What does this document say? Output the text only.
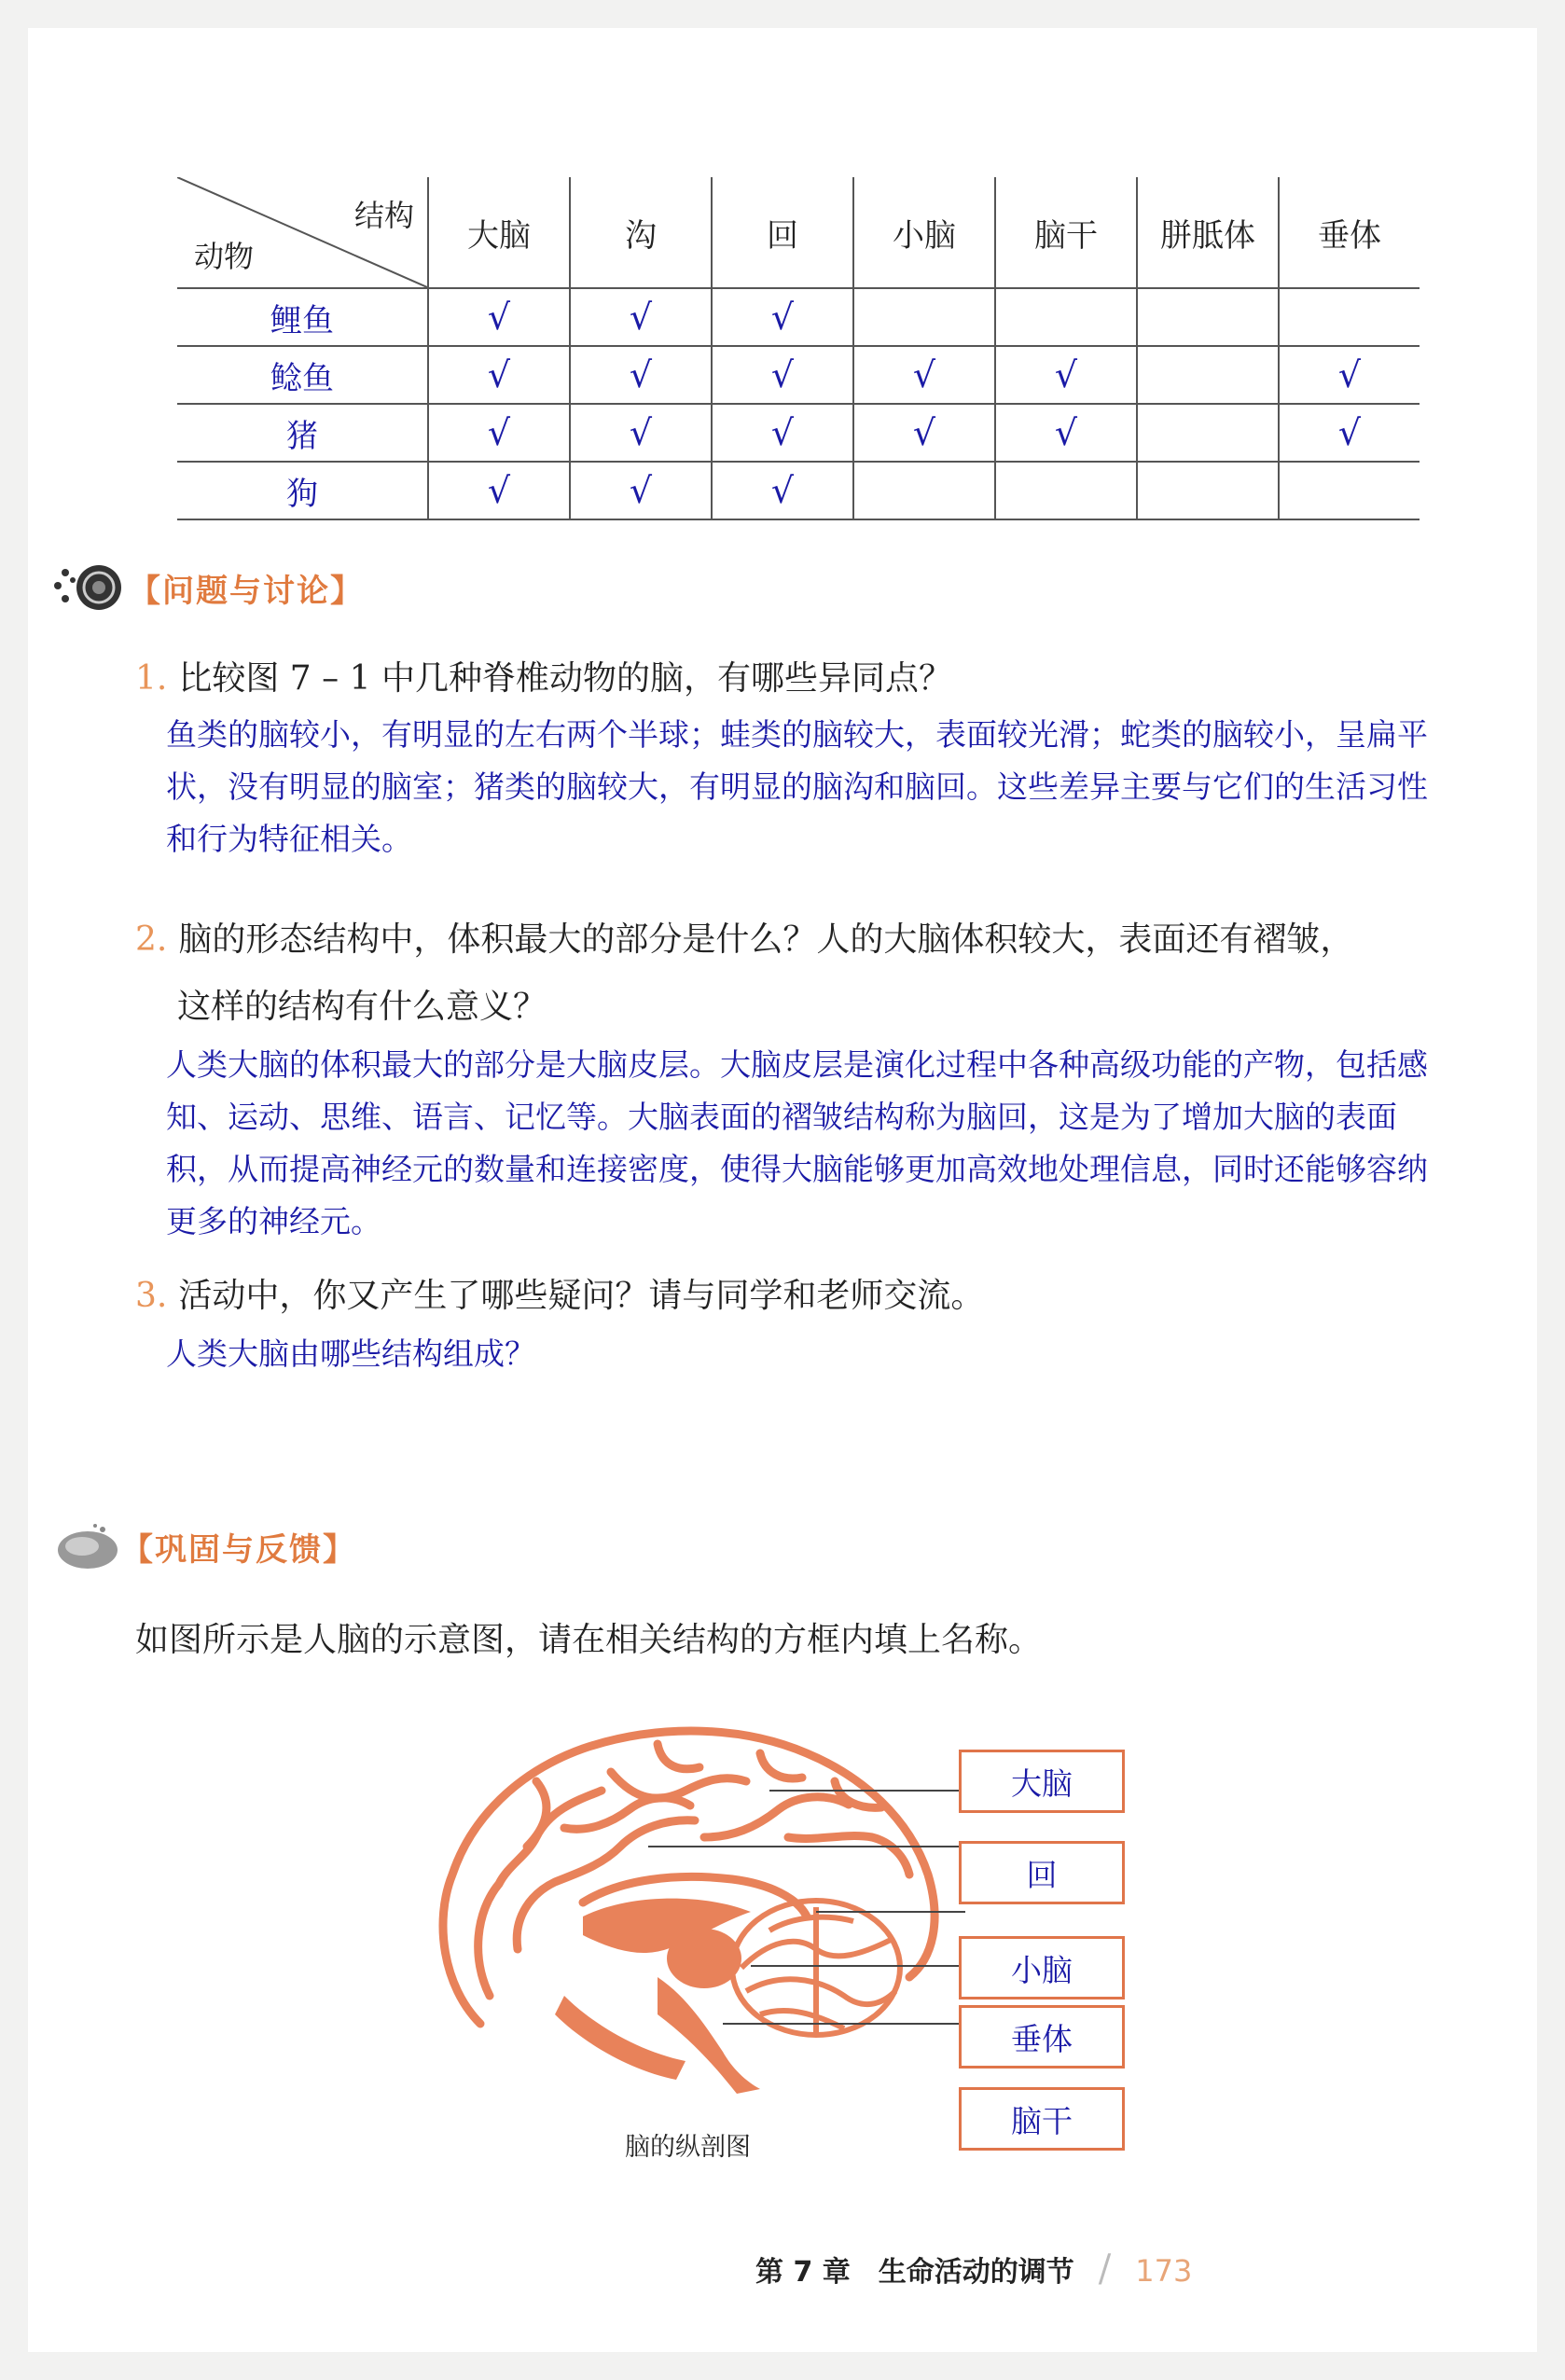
结构
动物	大脑	沟	回	小脑	脑干	胼胝体	垂体
鲤鱼	√	√	√				
鲶鱼	√	√	√	√	√		√
猪	√	√	√	√	√		√
狗	√	√	√				
【问题与讨论】
1. 比较图 7 – 1 中几种脊椎动物的脑，有哪些异同点？
鱼类的脑较小，有明显的左右两个半球；蛙类的脑较大，表面较光滑；蛇类的脑较小，呈扁平状，没有明显的脑室；猪类的脑较大，有明显的脑沟和脑回。这些差异主要与它们的生活习性和行为特征相关。
2. 脑的形态结构中，体积最大的部分是什么？人的大脑体积较大，表面还有褶皱，
这样的结构有什么意义？
人类大脑的体积最大的部分是大脑皮层。大脑皮层是演化过程中各种高级功能的产物，包括感知、运动、思维、语言、记忆等。大脑表面的褶皱结构称为脑回，这是为了增加大脑的表面积，从而提高神经元的数量和连接密度，使得大脑能够更加高效地处理信息，同时还能够容纳更多的神经元。
3. 活动中，你又产生了哪些疑问？请与同学和老师交流。
人类大脑由哪些结构组成？
【巩固与反馈】
如图所示是人脑的示意图，请在相关结构的方框内填上名称。
大脑
回
小脑
垂体
脑干
脑的纵剖图
第 7 章　生命活动的调节 / 173
